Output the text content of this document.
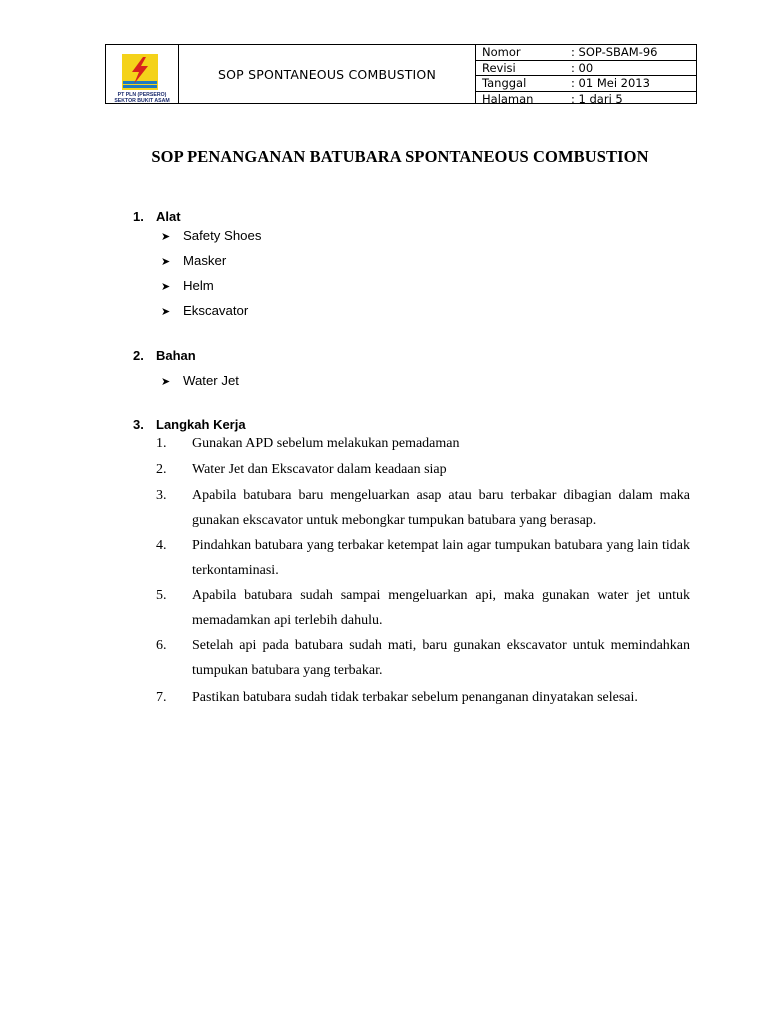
PT PLN (PERSERO)
SEKTOR BUKIT ASAM
SOP SPONTANEOUS COMBUSTION
Nomor	: SOP-SBAM-96
Revisi	: 00
Tanggal	: 01 Mei 2013
Halaman	: 1 dari 5
SOP PENANGANAN BATUBARA SPONTANEOUS COMBUSTION
1. Alat
➤ Safety Shoes
➤ Masker
➤ Helm
➤ Ekscavator
2. Bahan
➤ Water Jet
3. Langkah Kerja
1.	Gunakan APD sebelum melakukan pemadaman
2.	Water Jet dan Ekscavator dalam keadaan siap
3.	Apabila batubara baru mengeluarkan asap atau baru terbakar dibagian dalam maka gunakan ekscavator untuk mebongkar tumpukan batubara yang berasap.
4.	Pindahkan batubara yang terbakar ketempat lain agar tumpukan batubara yang lain tidak terkontaminasi.
5.	Apabila batubara sudah sampai mengeluarkan api, maka gunakan water jet untuk memadamkan api terlebih dahulu.
6.	Setelah api pada batubara sudah mati, baru gunakan ekscavator untuk memindahkan tumpukan batubara yang terbakar.
7.	Pastikan batubara sudah tidak terbakar sebelum penanganan dinyatakan selesai.
